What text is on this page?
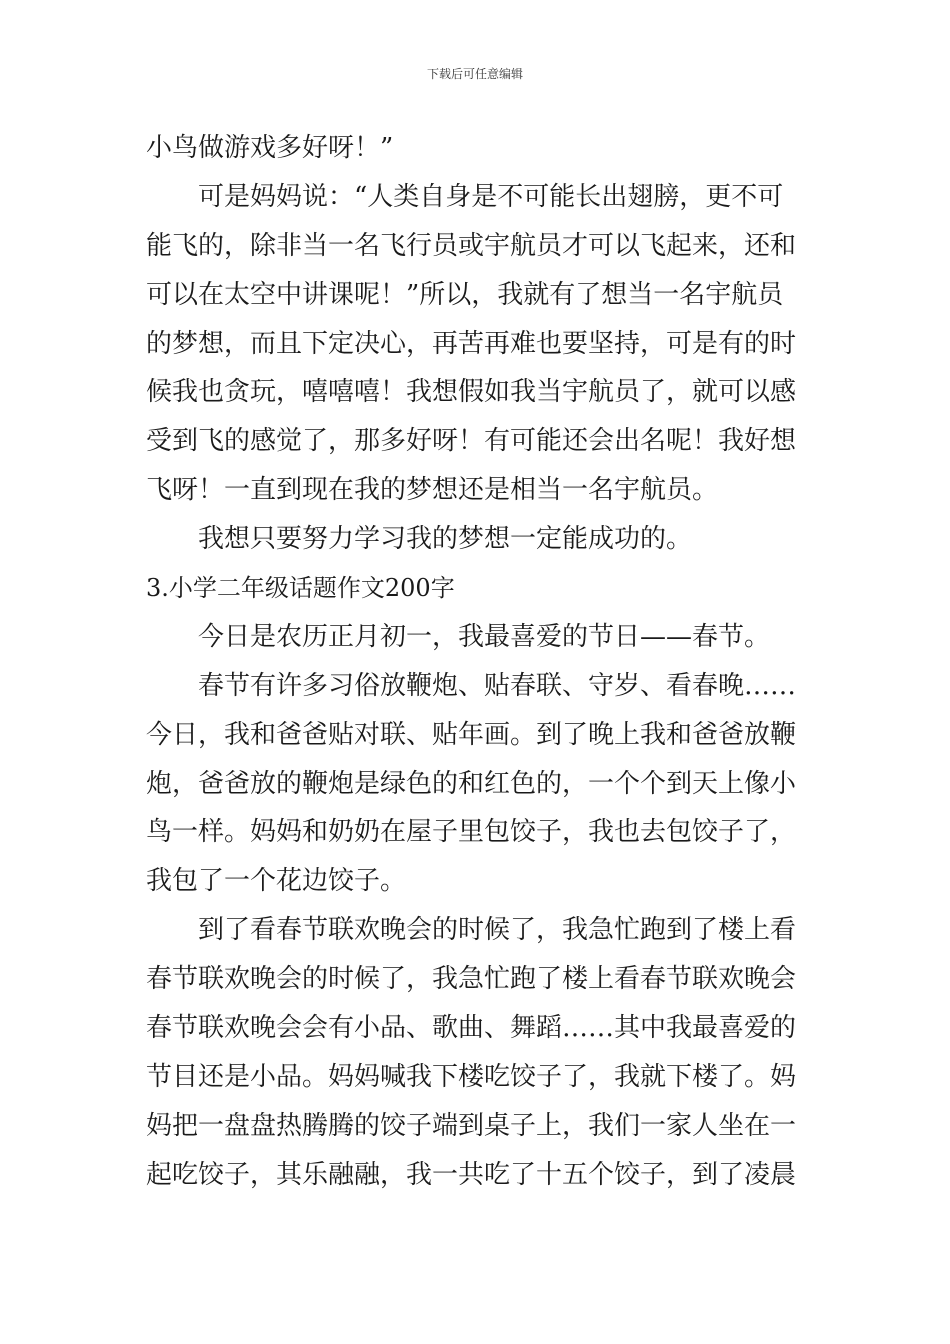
下载后可任意编辑
小鸟做游戏多好呀！”
可是妈妈说：“人类自身是不可能长出翅膀，更不可
能飞的，除非当一名飞行员或宇航员才可以飞起来，还和
可以在太空中讲课呢！”所以，我就有了想当一名宇航员
的梦想，而且下定决心，再苦再难也要坚持，可是有的时
候我也贪玩，嘻嘻嘻！我想假如我当宇航员了，就可以感
受到飞的感觉了，那多好呀！有可能还会出名呢！我好想
飞呀！一直到现在我的梦想还是相当一名宇航员。
我想只要努力学习我的梦想一定能成功的。
3.小学二年级话题作文200字
今日是农历正月初一，我最喜爱的节日——春节。
春节有许多习俗放鞭炮、贴春联、守岁、看春晚……
今日，我和爸爸贴对联、贴年画。到了晚上我和爸爸放鞭
炮，爸爸放的鞭炮是绿色的和红色的，一个个到天上像小
鸟一样。妈妈和奶奶在屋子里包饺子，我也去包饺子了，
我包了一个花边饺子。
到了看春节联欢晚会的时候了，我急忙跑到了楼上看
春节联欢晚会的时候了，我急忙跑了楼上看春节联欢晚会
春节联欢晚会会有小品、歌曲、舞蹈……其中我最喜爱的
节目还是小品。妈妈喊我下楼吃饺子了，我就下楼了。妈
妈把一盘盘热腾腾的饺子端到桌子上，我们一家人坐在一
起吃饺子，其乐融融，我一共吃了十五个饺子，到了凌晨
